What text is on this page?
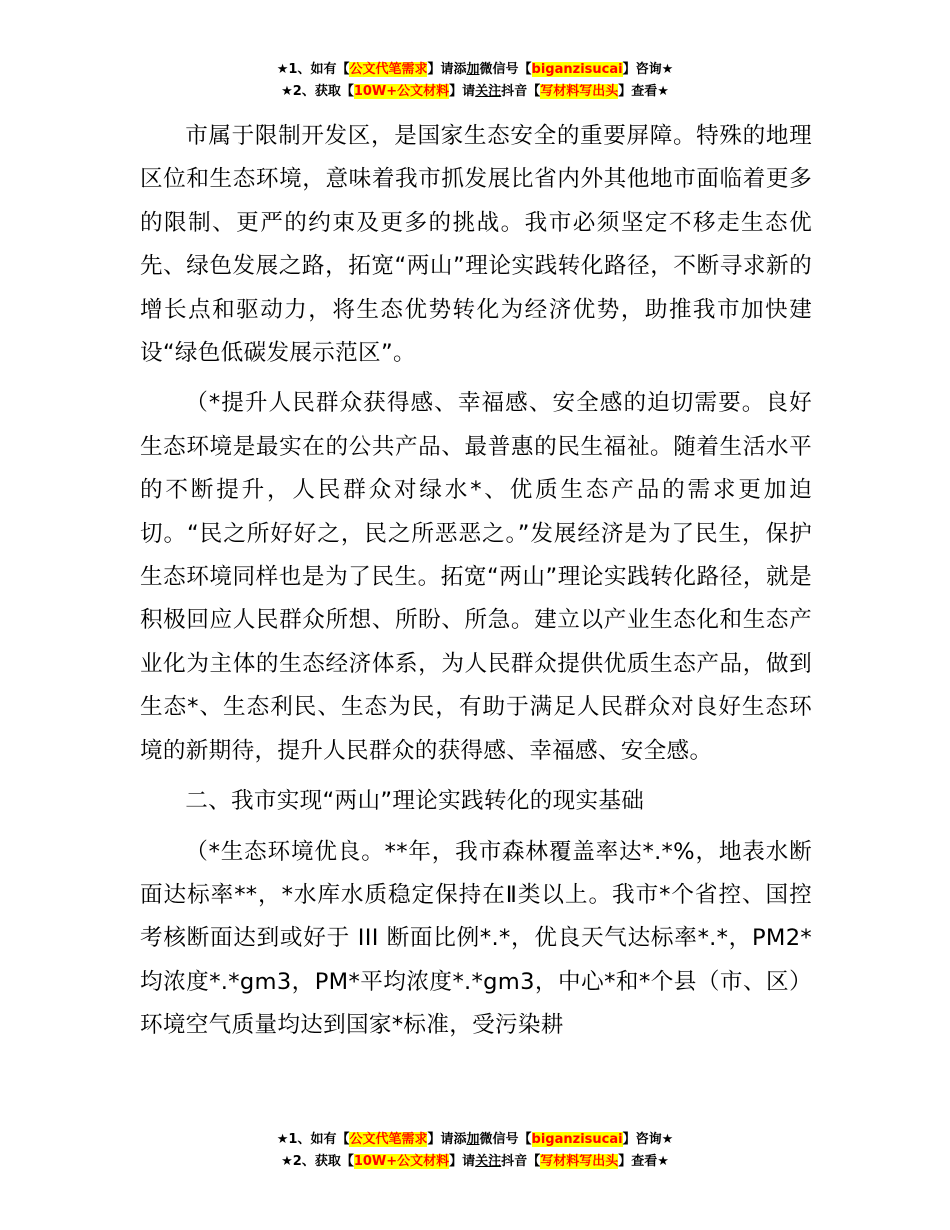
★1、如有【公文代笔需求】请添加微信号【biganzisucai】咨询★
★2、获取【10W+公文材料】请关注抖音【写材料写出头】查看★

市属于限制开发区，是国家生态安全的重要屏障。特殊的地理区位和生态环境，意味着我市抓发展比省内外其他地市面临着更多的限制、更严的约束及更多的挑战。我市必须坚定不移走生态优先、绿色发展之路，拓宽“两山”理论实践转化路径，不断寻求新的增长点和驱动力，将生态优势转化为经济优势，助推我市加快建设“绿色低碳发展示范区”。

（*提升人民群众获得感、幸福感、安全感的迫切需要。良好生态环境是最实在的公共产品、最普惠的民生福祉。随着生活水平的不断提升，人民群众对绿水*、优质生态产品的需求更加迫切。“民之所好好之，民之所恶恶之。”发展经济是为了民生，保护生态环境同样也是为了民生。拓宽“两山”理论实践转化路径，就是积极回应人民群众所想、所盼、所急。建立以产业生态化和生态产业化为主体的生态经济体系，为人民群众提供优质生态产品，做到生态*、生态利民、生态为民，有助于满足人民群众对良好生态环境的新期待，提升人民群众的获得感、幸福感、安全感。

二、我市实现“两山”理论实践转化的现实基础

（*生态环境优良。**年，我市森林覆盖率达*.*%，地表水断面达标率**，*水库水质稳定保持在Ⅱ类以上。我市*个省控、国控考核断面达到或好于 III 断面比例*.*，优良天气达标率*.*，PM2*均浓度*.*gm3，PM*平均浓度*.*gm3，中心*和*个县（市、区）环境空气质量均达到国家*标准，受污染耕

★1、如有【公文代笔需求】请添加微信号【biganzisucai】咨询★
★2、获取【10W+公文材料】请关注抖音【写材料写出头】查看★
